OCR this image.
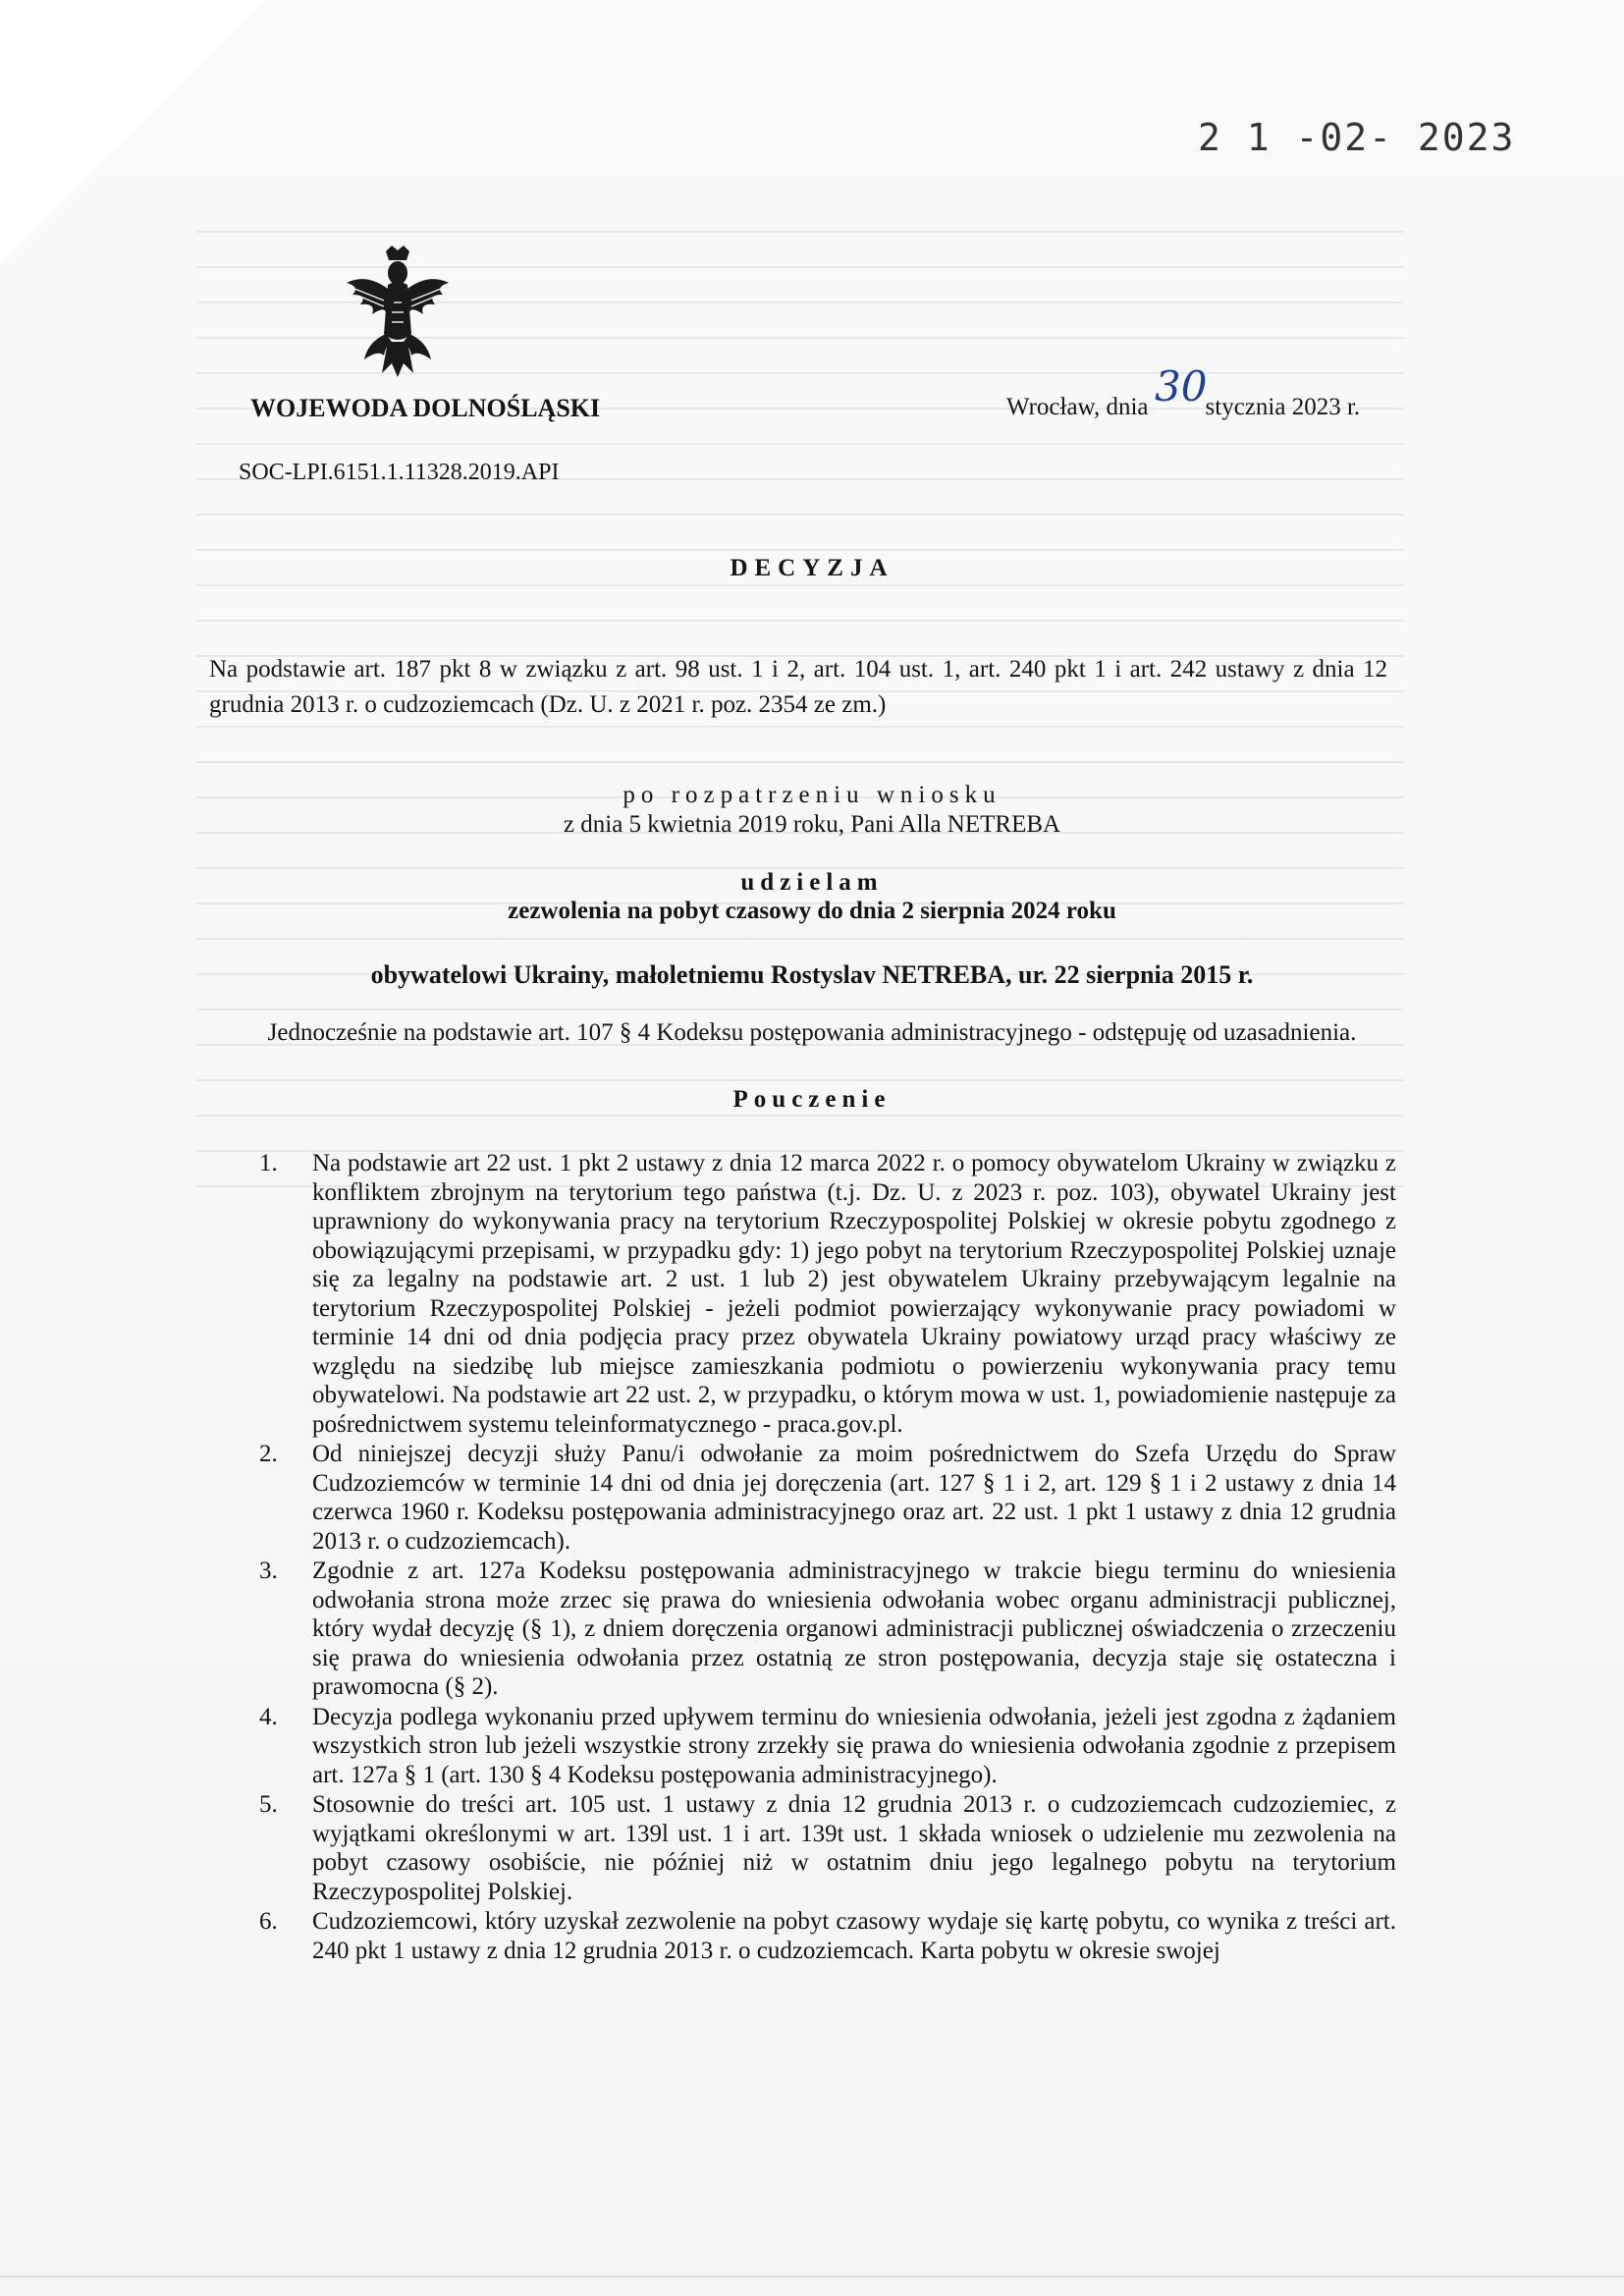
2 1 -02- 2023
WOJEWODA DOLNOŚLĄSKI	Wrocław, dnia stycznia 2023 r.
30
SOC-LPI.6151.1.11328.2019.API
DECYZJA
Na podstawie art. 187 pkt 8 w związku z art. 98 ust. 1 i 2, art. 104 ust. 1, art. 240 pkt 1 i art. 242 ustawy z dnia 12 grudnia 2013 r. o cudzoziemcach (Dz. U. z 2021 r. poz. 2354 ze zm.)
po rozpatrzeniu wniosku
z dnia 5 kwietnia 2019 roku, Pani Alla NETREBA
udzielam
zezwolenia na pobyt czasowy do dnia 2 sierpnia 2024 roku
obywatelowi Ukrainy, małoletniemu Rostyslav NETREBA, ur. 22 sierpnia 2015 r.
Jednocześnie na podstawie art. 107 § 4 Kodeksu postępowania administracyjnego - odstępuję od uzasadnienia.
Pouczenie
1. Na podstawie art 22 ust. 1 pkt 2 ustawy z dnia 12 marca 2022 r. o pomocy obywatelom Ukrainy w związku z konfliktem zbrojnym na terytorium tego państwa (t.j. Dz. U. z 2023 r. poz. 103), obywatel Ukrainy jest uprawniony do wykonywania pracy na terytorium Rzeczypospolitej Polskiej w okresie pobytu zgodnego z obowiązującymi przepisami, w przypadku gdy: 1) jego pobyt na terytorium Rzeczypospolitej Polskiej uznaje się za legalny na podstawie art. 2 ust. 1 lub 2) jest obywatelem Ukrainy przebywającym legalnie na terytorium Rzeczypospolitej Polskiej - jeżeli podmiot powierzający wykonywanie pracy powiadomi w terminie 14 dni od dnia podjęcia pracy przez obywatela Ukrainy powiatowy urząd pracy właściwy ze względu na siedzibę lub miejsce zamieszkania podmiotu o powierzeniu wykonywania pracy temu obywatelowi. Na podstawie art 22 ust. 2, w przypadku, o którym mowa w ust. 1, powiadomienie następuje za pośrednictwem systemu teleinformatycznego - praca.gov.pl.
2. Od niniejszej decyzji służy Panu/i odwołanie za moim pośrednictwem do Szefa Urzędu do Spraw Cudzoziemców w terminie 14 dni od dnia jej doręczenia (art. 127 § 1 i 2, art. 129 § 1 i 2 ustawy z dnia 14 czerwca 1960 r. Kodeksu postępowania administracyjnego oraz art. 22 ust. 1 pkt 1 ustawy z dnia 12 grudnia 2013 r. o cudzoziemcach).
3. Zgodnie z art. 127a Kodeksu postępowania administracyjnego w trakcie biegu terminu do wniesienia odwołania strona może zrzec się prawa do wniesienia odwołania wobec organu administracji publicznej, który wydał decyzję (§ 1), z dniem doręczenia organowi administracji publicznej oświadczenia o zrzeczeniu się prawa do wniesienia odwołania przez ostatnią ze stron postępowania, decyzja staje się ostateczna i prawomocna (§ 2).
4. Decyzja podlega wykonaniu przed upływem terminu do wniesienia odwołania, jeżeli jest zgodna z żądaniem wszystkich stron lub jeżeli wszystkie strony zrzekły się prawa do wniesienia odwołania zgodnie z przepisem art. 127a § 1 (art. 130 § 4 Kodeksu postępowania administracyjnego).
5. Stosownie do treści art. 105 ust. 1 ustawy z dnia 12 grudnia 2013 r. o cudzoziemcach cudzoziemiec, z wyjątkami określonymi w art. 139l ust. 1 i art. 139t ust. 1 składa wniosek o udzielenie mu zezwolenia na pobyt czasowy osobiście, nie później niż w ostatnim dniu jego legalnego pobytu na terytorium Rzeczypospolitej Polskiej.
6. Cudzoziemcowi, który uzyskał zezwolenie na pobyt czasowy wydaje się kartę pobytu, co wynika z treści art. 240 pkt 1 ustawy z dnia 12 grudnia 2013 r. o cudzoziemcach. Karta pobytu w okresie swojej
